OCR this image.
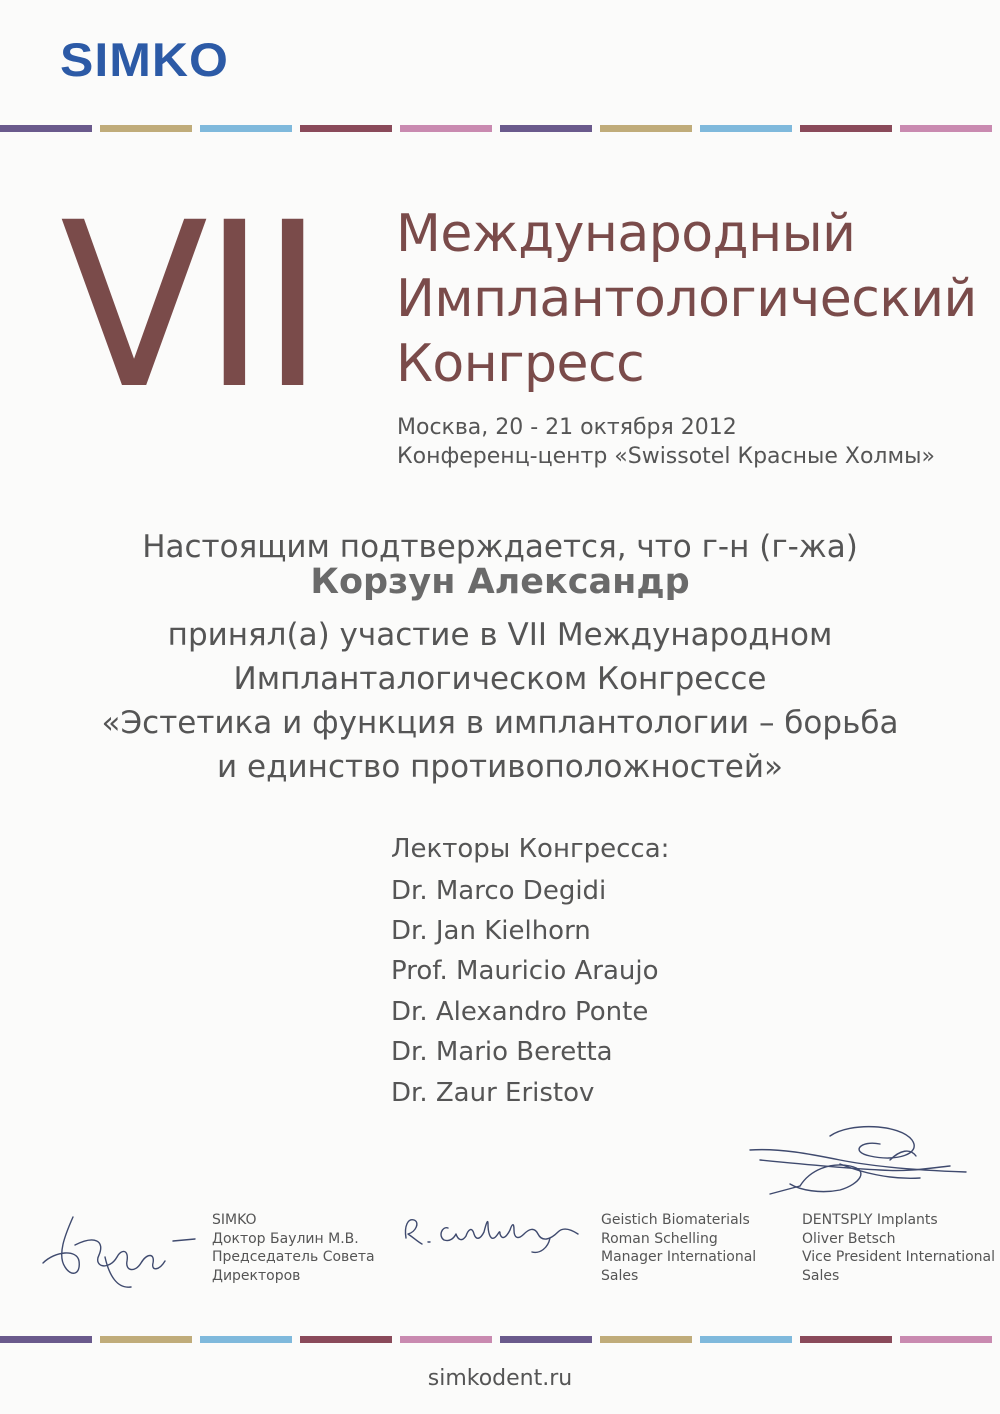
SIMKO
VII Международный
Имплантологический
Конгресс
Москва, 20 - 21 октября 2012
Конференц-центр «Swissotel Красные Холмы»
Настоящим подтверждается, что г-н (г-жа)
Корзун Александр
принял(а) участие в VII Международном
Импланталогическом Конгрессе
«Эстетика и функция в имплантологии – борьба
и единство противоположностей»
Лекторы Конгресса:
Dr. Marco Degidi
Dr. Jan Kielhorn
Prof. Mauricio Araujo
Dr. Alexandro Ponte
Dr. Mario Beretta
Dr. Zaur Eristov
SIMKO
Доктор Баулин М.В.
Председатель Совета
Директоров
Geistich Biomaterials
Roman Schelling
Manager International
Sales
DENTSPLY Implants
Oliver Betsch
Vice President International
Sales
simkodent.ru
